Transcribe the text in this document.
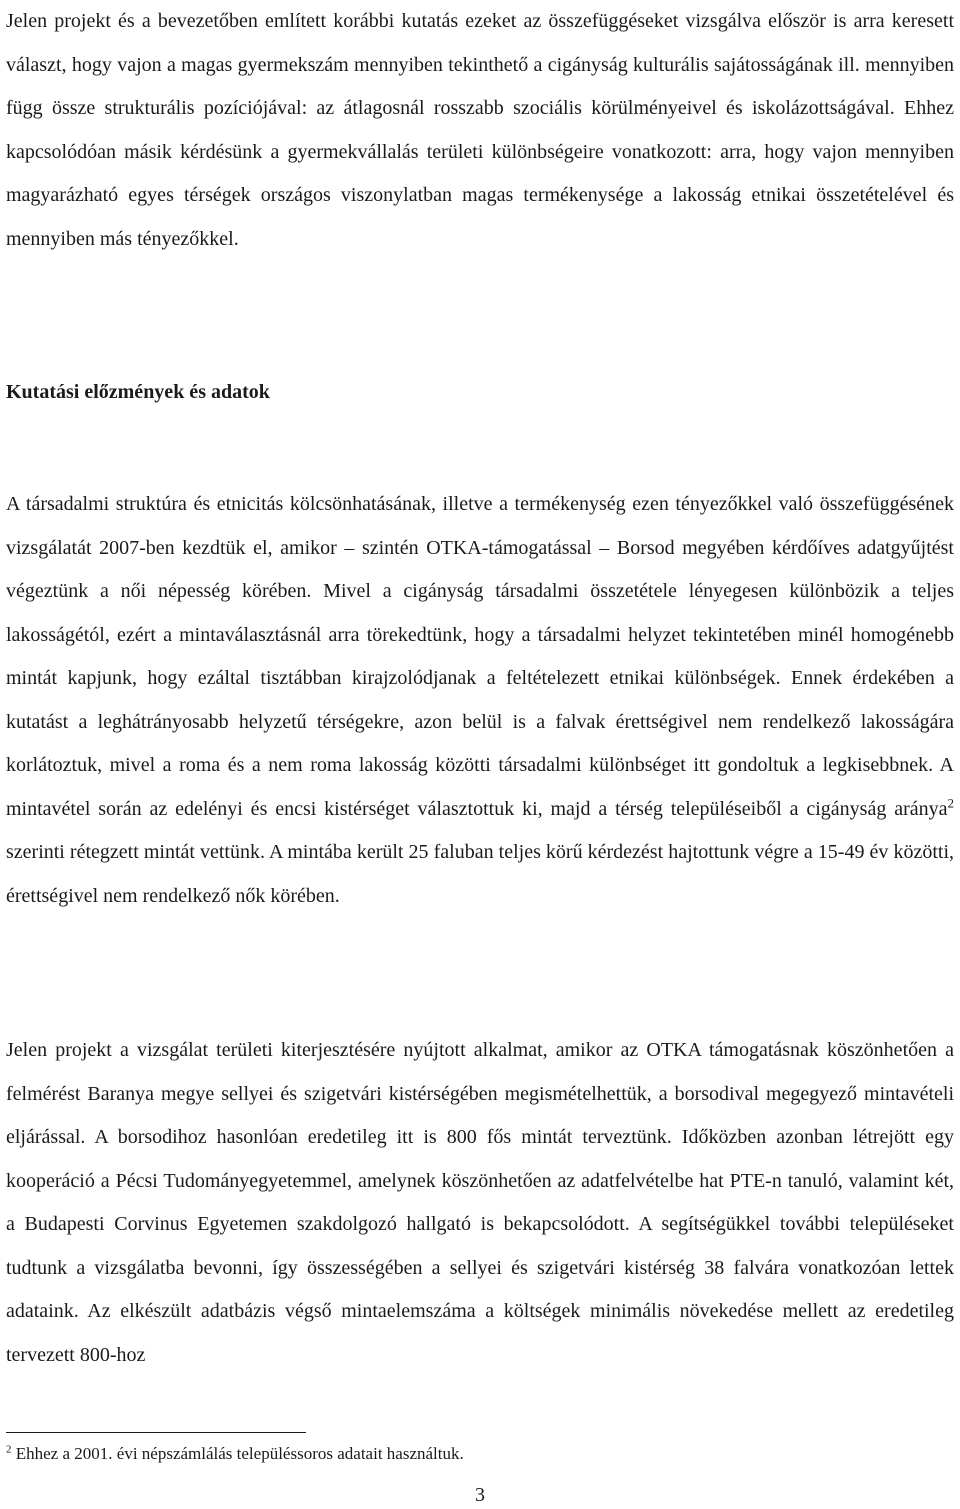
Jelen projekt és a bevezetőben említett korábbi kutatás ezeket az összefüggéseket vizsgálva először is arra keresett választ, hogy vajon a magas gyermekszám mennyiben tekinthető a cigányság kulturális sajátosságának ill. mennyiben függ össze strukturális pozíciójával: az átlagosnál rosszabb szociális körülményeivel és iskolázottságával. Ehhez kapcsolódóan másik kérdésünk a gyermekvállalás területi különbségeire vonatkozott: arra, hogy vajon mennyiben magyarázható egyes térségek országos viszonylatban magas termékenysége a lakosság etnikai összetételével és mennyiben más tényezőkkel.

Kutatási előzmények és adatok

A társadalmi struktúra és etnicitás kölcsönhatásának, illetve a termékenység ezen tényezőkkel való összefüggésének vizsgálatát 2007-ben kezdtük el, amikor – szintén OTKA-támogatással – Borsod megyében kérdőíves adatgyűjtést végeztünk a női népesség körében. Mivel a cigányság társadalmi összetétele lényegesen különbözik a teljes lakosságétól, ezért a mintaválasztásnál arra törekedtünk, hogy a társadalmi helyzet tekintetében minél homogénebb mintát kapjunk, hogy ezáltal tisztábban kirajzolódjanak a feltételezett etnikai különbségek. Ennek érdekében a kutatást a leghátrányosabb helyzetű térségekre, azon belül is a falvak érettségivel nem rendelkező lakosságára korlátoztuk, mivel a roma és a nem roma lakosság közötti társadalmi különbséget itt gondoltuk a legkisebbnek. A mintavétel során az edelényi és encsi kistérséget választottuk ki, majd a térség településeiből a cigányság aránya$^2$ szerinti rétegzett mintát vettünk. A mintába került 25 faluban teljes körű kérdezést hajtottunk végre a 15-49 év közötti, érettségivel nem rendelkező nők körében.

Jelen projekt a vizsgálat területi kiterjesztésére nyújtott alkalmat, amikor az OTKA támogatásnak köszönhetően a felmérést Baranya megye sellyei és szigetvári kistérségében megismételhettük, a borsodival megegyező mintavételi eljárással. A borsodihoz hasonlóan eredetileg itt is 800 fős mintát terveztünk. Időközben azonban létrejött egy kooperáció a Pécsi Tudományegyetemmel, amelynek köszönhetően az adatfelvételbe hat PTE-n tanuló, valamint két, a Budapesti Corvinus Egyetemen szakdolgozó hallgató is bekapcsolódott. A segítségükkel további településeket tudtunk a vizsgálatba bevonni, így összességében a sellyei és szigetvári kistérség 38 falvára vonatkozóan lettek adataink. Az elkészült adatbázis végső mintaelemszáma a költségek minimális növekedése mellett az eredetileg tervezett 800-hoz

$^2$ Ehhez a 2001. évi népszámlálás településsoros adatait használtuk.
3
